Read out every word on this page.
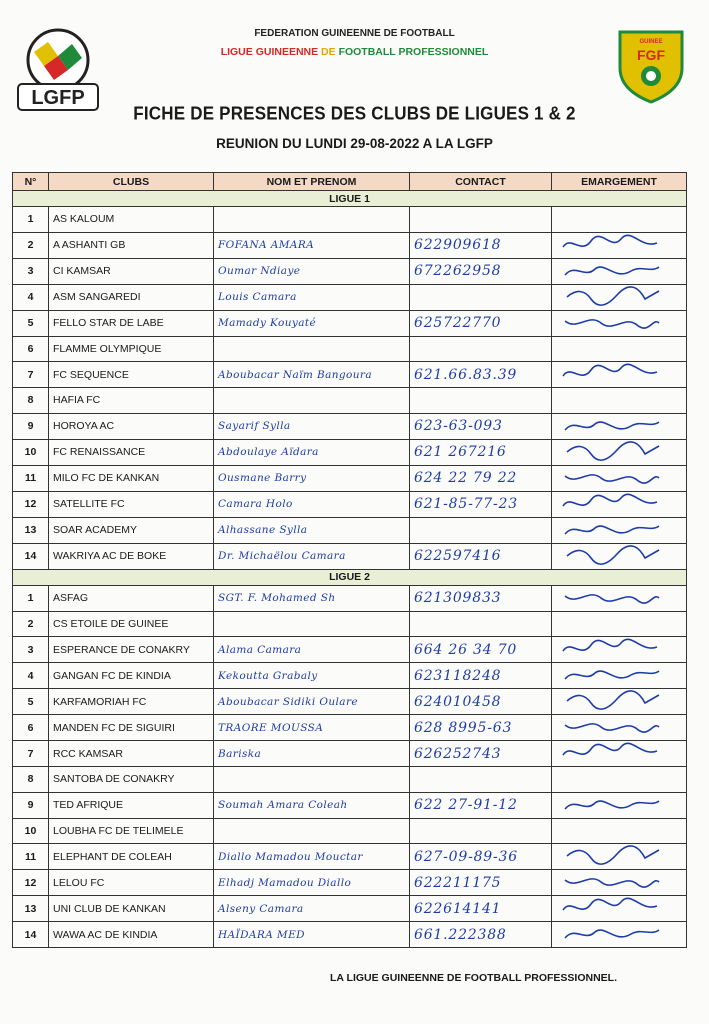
LGFP
GUINEE
FGF
FEDERATION GUINEENNE DE FOOTBALL
LIGUE GUINEENNE DE FOOTBALL PROFESSIONNEL
FICHE DE PRESENCES DES CLUBS DE LIGUES 1 & 2
REUNION DU LUNDI 29-08-2022 A LA LGFP
N°	CLUBS	NOM ET PRENOM	CONTACT	EMARGEMENT
LIGUE 1				
1	AS KALOUM			
2	A ASHANTI GB	FOFANA AMARA	622909618	
3	CI KAMSAR	Oumar Ndiaye	672262958	
4	ASM SANGAREDI	Louis Camara		
5	FELLO STAR DE LABE	Mamady Kouyaté	625722770	
6	FLAMME OLYMPIQUE			
7	FC SEQUENCE	Aboubacar Naïm Bangoura	621.66.83.39	
8	HAFIA FC			
9	HOROYA AC	Sayarif Sylla	623-63-093	
10	FC RENAISSANCE	Abdoulaye Aïdara	621 267216	
11	MILO FC DE KANKAN	Ousmane Barry	624 22 79 22	
12	SATELLITE FC	Camara Holo	621-85-77-23	
13	SOAR ACADEMY	Alhassane Sylla		
14	WAKRIYA AC DE BOKE	Dr. Michaëlou Camara	622597416	
LIGUE 2				
1	ASFAG	SGT. F. Mohamed Sh	621309833	
2	CS ETOILE DE GUINEE			
3	ESPERANCE DE CONAKRY	Alama Camara	664 26 34 70	
4	GANGAN FC DE KINDIA	Kekoutta Grabaly	623118248	
5	KARFAMORIAH FC	Aboubacar Sidiki Oulare	624010458	
6	MANDEN FC DE SIGUIRI	TRAORE MOUSSA	628 8995-63	
7	RCC KAMSAR	Bariska	626252743	
8	SANTOBA DE CONAKRY			
9	TED AFRIQUE	Soumah Amara Coleah	622 27-91-12	
10	LOUBHA FC DE TELIMELE			
11	ELEPHANT DE COLEAH	Diallo Mamadou Mouctar	627-09-89-36	
12	LELOU FC	Elhadj Mamadou Diallo	622211175	
13	UNI CLUB DE KANKAN	Alseny Camara	622614141	
14	WAWA AC DE KINDIA	HAÏDARA MED	661.222388	
LA LIGUE GUINEENNE DE FOOTBALL PROFESSIONNEL.
